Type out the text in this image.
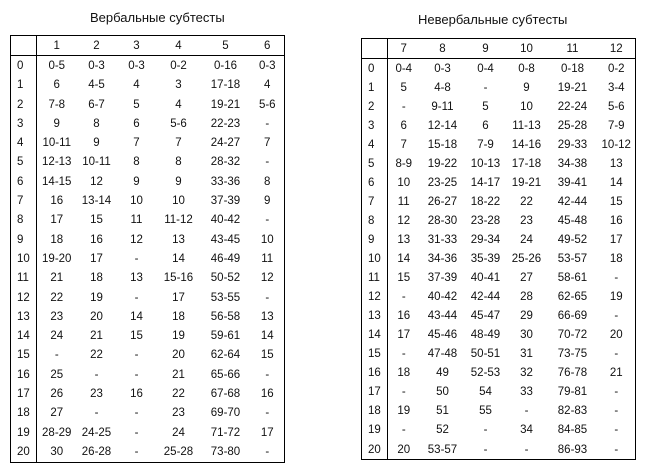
Вербальные субтесты
	1	2	3	4	5	6
0	0-5	0-3	0-3	0-2	0-16	0-3
1	6	4-5	4	3	17-18	4
2	7-8	6-7	5	4	19-21	5-6
3	9	8	6	5-6	22-23	-
4	10-11	9	7	7	24-27	7
5	12-13	10-11	8	8	28-32	-
6	14-15	12	9	9	33-36	8
7	16	13-14	10	10	37-39	9
8	17	15	11	11-12	40-42	-
9	18	16	12	13	43-45	10
10	19-20	17	-	14	46-49	11
11	21	18	13	15-16	50-52	12
12	22	19	-	17	53-55	-
13	23	20	14	18	56-58	13
14	24	21	15	19	59-61	14
15	-	22	-	20	62-64	15
16	25	-	-	21	65-66	-
17	26	23	16	22	67-68	16
18	27	-	-	23	69-70	-
19	28-29	24-25	-	24	71-72	17
20	30	26-28	-	25-28	73-80	-
Невербальные субтесты
	7	8	9	10	11	12
0	0-4	0-3	0-4	0-8	0-18	0-2
1	5	4-8	-	9	19-21	3-4
2	-	9-11	5	10	22-24	5-6
3	6	12-14	6	11-13	25-28	7-9
4	7	15-18	7-9	14-16	29-33	10-12
5	8-9	19-22	10-13	17-18	34-38	13
6	10	23-25	14-17	19-21	39-41	14
7	11	26-27	18-22	22	42-44	15
8	12	28-30	23-28	23	45-48	16
9	13	31-33	29-34	24	49-52	17
10	14	34-36	35-39	25-26	53-57	18
11	15	37-39	40-41	27	58-61	-
12	-	40-42	42-44	28	62-65	19
13	16	43-44	45-47	29	66-69	-
14	17	45-46	48-49	30	70-72	20
15	-	47-48	50-51	31	73-75	-
16	18	49	52-53	32	76-78	21
17	-	50	54	33	79-81	-
18	19	51	55	-	82-83	-
19	-	52	-	34	84-85	-
20	20	53-57	-	-	86-93	-
